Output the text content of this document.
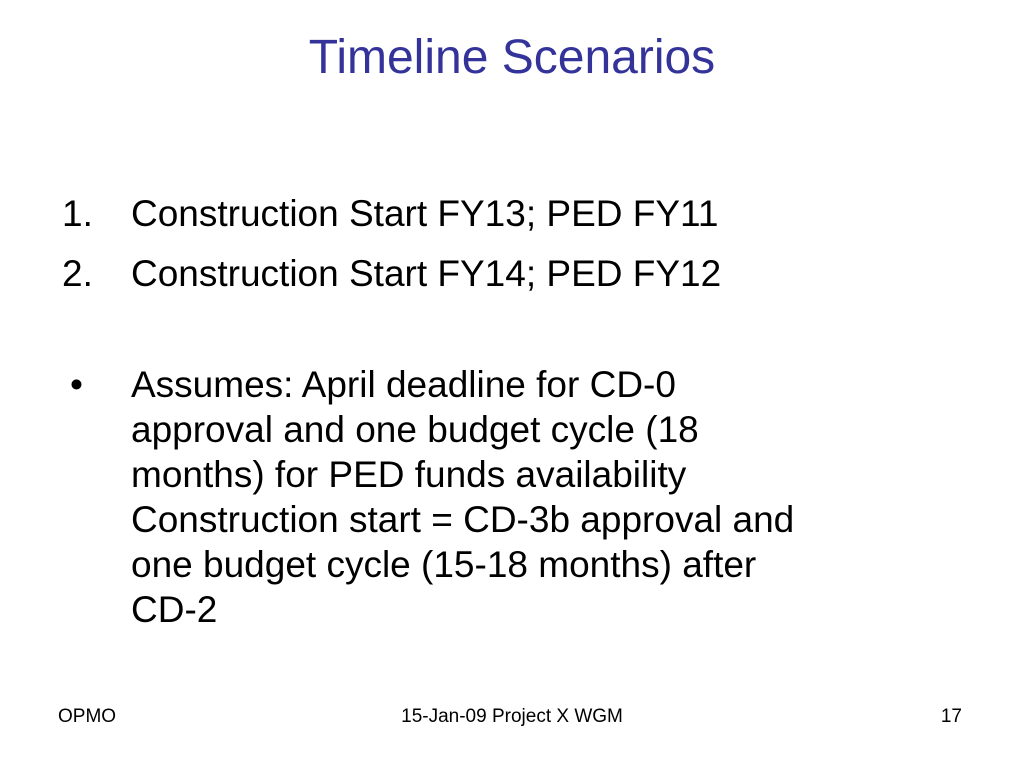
Timeline Scenarios
1.	Construction Start FY13; PED FY11
2.	Construction Start FY14; PED FY12
•	Assumes: April deadline for CD-0
approval and one budget cycle (18
months) for PED funds availability
Construction start = CD-3b approval and
one budget cycle (15-18 months) after
CD-2
15-Jan-09 Project X WGM
OPMO	17
